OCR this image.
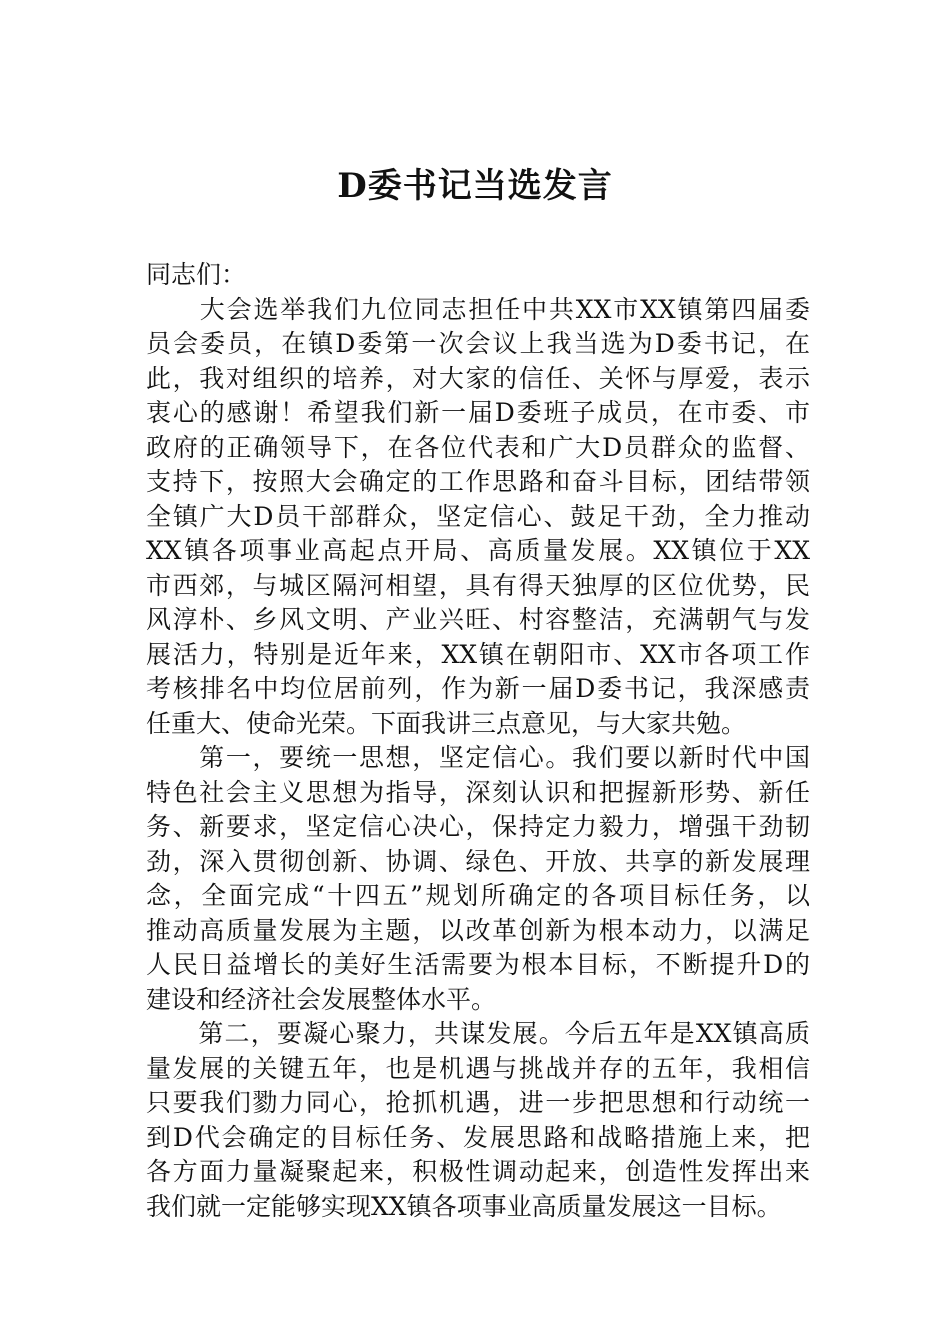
D委书记当选发言
同志们：
　　大会选举我们九位同志担任中共XX市XX镇第四届委
员会委员，在镇D委第一次会议上我当选为D委书记，在
此，我对组织的培养，对大家的信任、关怀与厚爱，表示
衷心的感谢！希望我们新一届D委班子成员，在市委、市
政府的正确领导下，在各位代表和广大D员群众的监督、
支持下，按照大会确定的工作思路和奋斗目标，团结带领
全镇广大D员干部群众，坚定信心、鼓足干劲，全力推动
XX镇各项事业高起点开局、高质量发展。XX镇位于XX
市西郊，与城区隔河相望，具有得天独厚的区位优势，民
风淳朴、乡风文明、产业兴旺、村容整洁，充满朝气与发
展活力，特别是近年来，XX镇在朝阳市、XX市各项工作
考核排名中均位居前列，作为新一届D委书记，我深感责
任重大、使命光荣。下面我讲三点意见，与大家共勉。
　　第一，要统一思想，坚定信心。我们要以新时代中国
特色社会主义思想为指导，深刻认识和把握新形势、新任
务、新要求，坚定信心决心，保持定力毅力，增强干劲韧
劲，深入贯彻创新、协调、绿色、开放、共享的新发展理
念，全面完成“十四五”规划所确定的各项目标任务，以
推动高质量发展为主题，以改革创新为根本动力，以满足
人民日益增长的美好生活需要为根本目标，不断提升D的
建设和经济社会发展整体水平。
　　第二，要凝心聚力，共谋发展。今后五年是XX镇高质
量发展的关键五年，也是机遇与挑战并存的五年，我相信
只要我们勠力同心，抢抓机遇，进一步把思想和行动统一
到D代会确定的目标任务、发展思路和战略措施上来，把
各方面力量凝聚起来，积极性调动起来，创造性发挥出来
我们就一定能够实现XX镇各项事业高质量发展这一目标。
